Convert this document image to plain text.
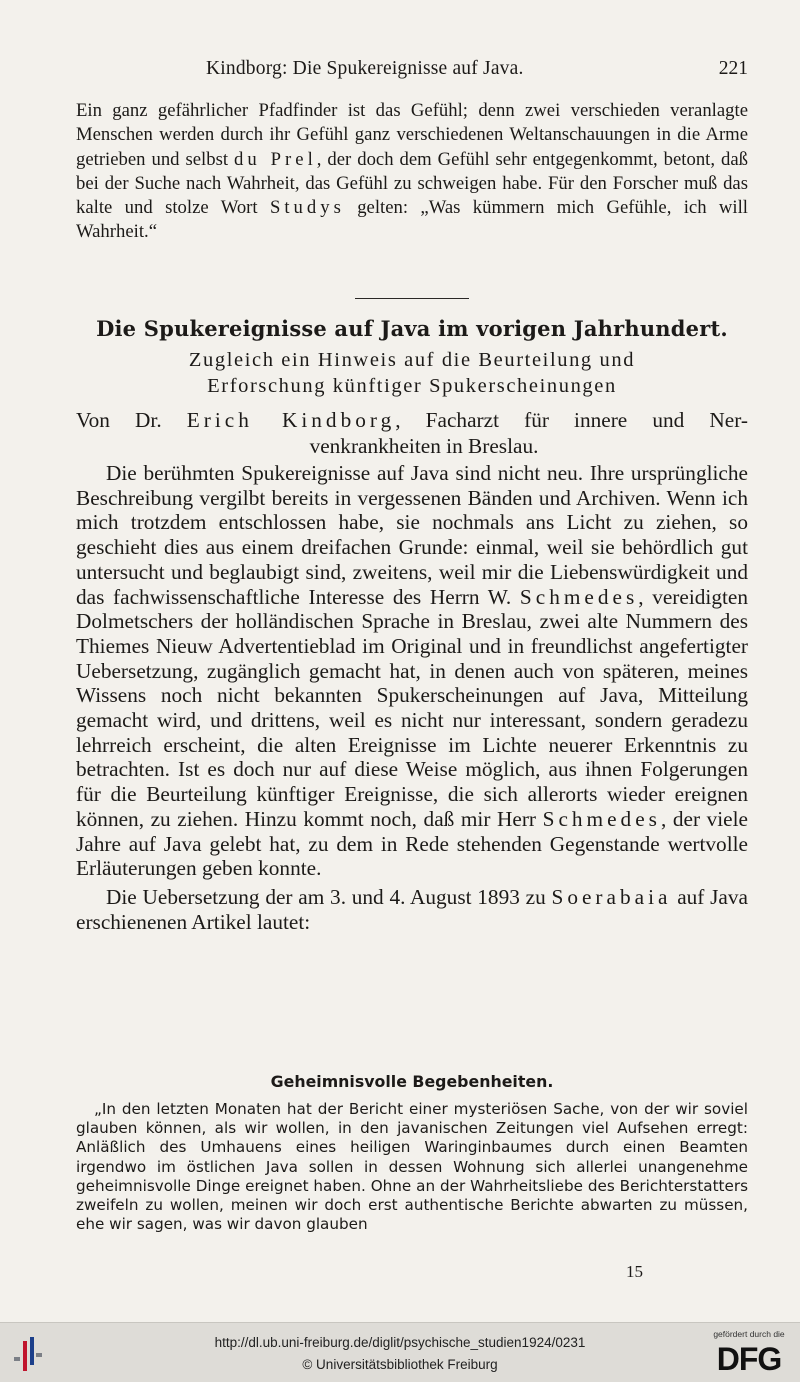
Kindborg: Die Spukereignisse auf Java.	221
Ein ganz gefährlicher Pfadfinder ist das Gefühl; denn zwei verschieden veranlagte Menschen werden durch ihr Gefühl ganz verschiedenen Weltanschauungen in die Arme getrieben und selbst du Prel, der doch dem Gefühl sehr entgegenkommt, betont, daß bei der Suche nach Wahrheit, das Gefühl zu schweigen habe. Für den Forscher muß das kalte und stolze Wort Studys gelten: „Was kümmern mich Gefühle, ich will Wahrheit.“
Die Spukereignisse auf Java im vorigen Jahrhundert.
Zugleich ein Hinweis auf die Beurteilung und
Erforschung künftiger Spukerscheinungen
Von Dr. Erich Kindborg, Facharzt für innere und Ner-
venkrankheiten in Breslau.

Die berühmten Spukereignisse auf Java sind nicht neu. Ihre ursprüngliche Beschreibung vergilbt bereits in vergessenen Bänden und Archiven. Wenn ich mich trotzdem entschlossen habe, sie nochmals ans Licht zu ziehen, so geschieht dies aus einem dreifachen Grunde: einmal, weil sie behördlich gut untersucht und beglaubigt sind, zweitens, weil mir die Liebenswürdigkeit und das fachwissenschaftliche Interesse des Herrn W. Schmedes, vereidigten Dolmetschers der holländischen Sprache in Breslau, zwei alte Nummern des Thiemes Nieuw Advertentieblad im Original und in freundlichst angefertigter Uebersetzung, zugänglich gemacht hat, in denen auch von späteren, meines Wissens noch nicht bekannten Spukerscheinungen auf Java, Mitteilung gemacht wird, und drittens, weil es nicht nur interessant, sondern geradezu lehrreich erscheint, die alten Ereignisse im Lichte neuerer Erkenntnis zu betrachten. Ist es doch nur auf diese Weise möglich, aus ihnen Folgerungen für die Beurteilung künftiger Ereignisse, die sich allerorts wieder ereignen können, zu ziehen. Hinzu kommt noch, daß mir Herr Schmedes, der viele Jahre auf Java gelebt hat, zu dem in Rede stehenden Gegenstande wertvolle Erläuterungen geben konnte.

Die Uebersetzung der am 3. und 4. August 1893 zu Soerabaia auf Java erschienenen Artikel lautet:

Geheimnisvolle Begebenheiten.

„In den letzten Monaten hat der Bericht einer mysteriösen Sache, von der wir soviel glauben können, als wir wollen, in den javanischen Zeitungen viel Aufsehen erregt: Anläßlich des Umhauens eines heiligen Waringinbaumes durch einen Beamten irgendwo im östlichen Java sollen in dessen Wohnung sich allerlei unangenehme geheimnisvolle Dinge ereignet haben. Ohne an der Wahrheitsliebe des Berichterstatters zweifeln zu wollen, meinen wir doch erst authentische Berichte abwarten zu müssen, ehe wir sagen, was wir davon glauben

15
http://dl.ub.uni-freiburg.de/diglit/psychische_studien1924/0231
© Universitätsbibliothek Freiburg
gefördert durch die
DFG
